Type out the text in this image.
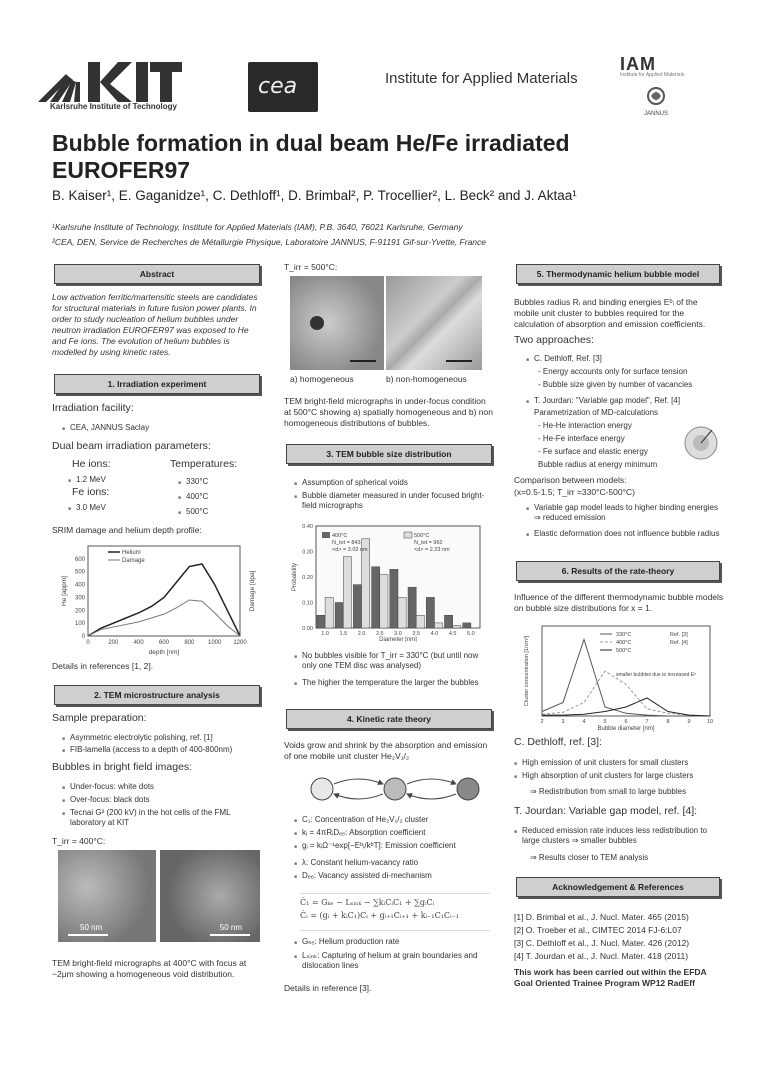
Karlsruhe Institute of Technology
cea	Institute for Applied Materials
IAM
Institute for Applied Materials
JANNUS
Bubble formation in dual beam He/Fe irradiated EUROFER97
B. Kaiser¹, E. Gaganidze¹, C. Dethloff¹, D. Brimbal², P. Trocellier², L. Beck² and J. Aktaa¹
¹Karlsruhe Institute of Technology, Institute for Applied Materials (IAM), P.B. 3640, 76021 Karlsruhe, Germany
²CEA, DEN, Service de Recherches de Métallurgie Physique, Laboratoire JANNUS, F-91191 Gif-sur-Yvette, France
Abstract
Low activation ferritic/martensitic steels are candidates for structural materials in future fusion power plants. In order to study nucleation of helium bubbles under neutron irradiation EUROFER97 was exposed to He and Fe ions. The evolution of helium bubbles is modelled by using kinetic rates.
1. Irradiation experiment
Irradiation facility:
■ CEA, JANNUS Saclay
Dual beam irradiation parameters:
He ions:
■ 1.2 MeV
Fe ions:
■ 3.0 MeV
Temperatures:
■ 330°C
■ 400°C
■ 500°C
SRIM damage and helium depth profile:
0	200	400	600	800 1000 1200
0
100
200
300
400
500
600
Helium
Damage
depth [nm]
He [appm]	Damage [dpa]
Details in references [1, 2].
2. TEM microstructure analysis
Sample preparation:
■ Asymmetric electrolytic polishing, ref. [1]
■ FIB-lamella (access to a depth of 400-800nm)
Bubbles in bright field images:
■ Under-focus: white dots
■ Over-focus: black dots
■ Tecnai G² (200 kV) in the hot cells of the FML laboratory at KIT
T_irr = 400°C:
50 nm	50 nm
TEM bright-field micrographs at 400°C with focus at −2μm showing a homogeneous void distribution.
T_irr = 500°C:
a) homogeneous	b) non-homogeneous
TEM bright-field micrographs in under-focus condition at 500°C showing a) spatially homogeneous and b) non homogeneous distributions of bubbles.
3. TEM bubble size distribution
■ Assumption of spherical voids
■ Bubble diameter measured in under focused bright-field micrographs
1.0 1.5 2.0 2.5 3.0 3.5 4.0 4.5 5.0
0.00
0.10
0.20
0.30
0.40
400°C
N_tot = 843
<d> = 3.02 nm
500°C
N_tot = 962
<d> = 2.23 nm
Diameter [nm]
Probability
■ No bubbles visible for T_irr = 330°C (but until now only one TEM disc was analysed)
■ The higher the temperature the larger the bubbles
4. Kinetic rate theory
Voids grow and shrink by the absorption and emission of one mobile unit cluster He₂V₁/₂
■ C₁: Concentration of He₂V₁/₂ cluster
■ kᵢ = 4πRᵢDₑₑ: Absorption coefficient
■ gᵢ = kᵢΩ⁻¹exp[−Eᵇᵢ/kᵇT]: Emission coefficient
■ λ: Constant helium-vacancy ratio
■ Dₑₑ: Vacancy assisted di-mechanism
Ċ₁ = Gₖₑ − Lₛᵢₙₖ − ∑kᵢCᵢC₁ + ∑gᵢCᵢ
Ċᵢ = (gᵢ + kᵢC₁)Cᵢ + gᵢ₊₁Cᵢ₊₁ + kᵢ₋₁C₁Cᵢ₋₁
■ Gₕₑ: Helium production rate
■ Lₛᵢₙₖ: Capturing of helium at grain boundaries and dislocation lines
Details in reference [3].
5. Thermodynamic helium bubble model
Bubbles radius Rᵢ and binding energies Eᵇᵢ of the mobile unit cluster to bubbles required for the calculation of absorption and emission coefficients.
Two approaches:
■ C. Dethloff, Ref. [3]
- Energy accounts only for surface tension
- Bubble size given by number of vacancies
■ T. Jourdan: "Variable gap model", Ref. [4]
Parametrization of MD-calculations
- He-He interaction energy
- He-Fe interface energy
- Fe surface and elastic energy
Bubble radius at energy minimum
Comparison between models:
(x=0.5-1.5; T_irr =330°C-500°C)
■ Variable gap model leads to higher binding energies ⇒ reduced emission
■ Elastic deformation does not influence bubble radius
6. Results of the rate-theory
Influence of the different thermodynamic bubble models on bubble size distributions for x = 1.
2	3	4	5	6	7	8	9	10
330°C
400°C
500°C
Ref. [3]
Ref. [4]
smaller bubbles due to increased Eᵇ
Bubble diameter [nm]
Cluster concentration [1/cm³]
C. Dethloff, ref. [3]:
■ High emission of unit clusters for small clusters
■ High absorption of unit clusters for large clusters
⇒ Redistribution from small to large bubbles
T. Jourdan: Variable gap model, ref. [4]:
■ Reduced emission rate induces less redistribution to large clusters ⇒ smaller bubbles
⇒ Results closer to TEM analysis
Acknowledgement & References
[1] D. Brimbal et al., J. Nucl. Mater. 465 (2015)
[2] O. Troeber et al., CIMTEC 2014 FJ-6:L07
[3] C. Dethloff et al., J. Nucl. Mater. 426 (2012)
[4] T. Jourdan et al., J. Nucl. Mater. 418 (2011)
This work has been carried out within the EFDA Goal Oriented Trainee Program WP12 RadEff
